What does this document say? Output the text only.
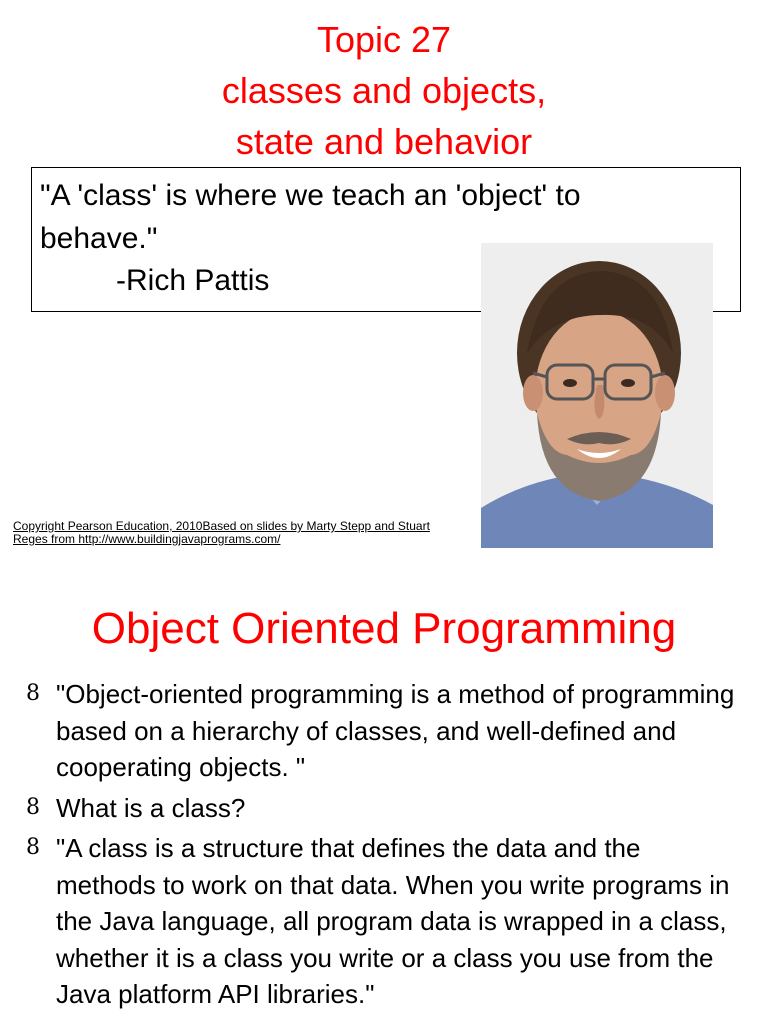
Topic 27
classes and objects,
state and behavior
"A 'class' is where we teach an 'object' to behave."
-Rich Pattis
Copyright Pearson Education, 2010Based on slides by Marty Stepp and Stuart Reges from http://www.buildingjavaprograms.com/
Object Oriented Programming
8 "Object-oriented programming is a method of programming based on a hierarchy of classes, and well-defined and cooperating objects. "
8 What is a class?
8 "A class is a structure that defines the data and the methods to work on that data. When you write programs in the Java language, all program data is wrapped in a class, whether it is a class you write or a class you use from the Java platform API libraries."
